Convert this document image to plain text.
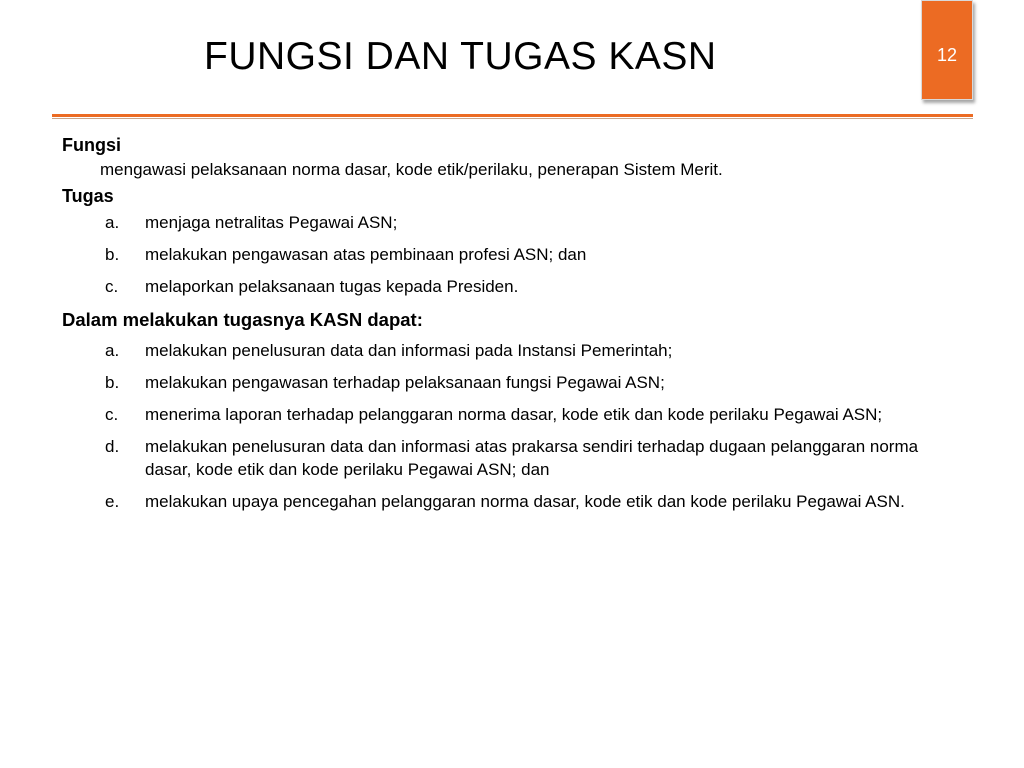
FUNGSI DAN TUGAS KASN	12

Fungsi

mengawasi pelaksanaan norma dasar, kode etik/perilaku, penerapan Sistem Merit.

Tugas

a. menjaga netralitas Pegawai ASN;
b. melakukan pengawasan atas pembinaan profesi ASN; dan
c. melaporkan pelaksanaan tugas kepada Presiden.

Dalam melakukan tugasnya KASN dapat:

a. melakukan penelusuran data dan informasi pada Instansi Pemerintah;
b. melakukan pengawasan terhadap pelaksanaan fungsi Pegawai ASN;
c. menerima laporan terhadap pelanggaran norma dasar, kode etik dan kode perilaku Pegawai ASN;
d. melakukan penelusuran data dan informasi atas prakarsa sendiri terhadap dugaan pelanggaran norma dasar, kode etik dan kode perilaku Pegawai ASN; dan
e. melakukan upaya pencegahan pelanggaran norma dasar, kode etik dan kode perilaku Pegawai ASN.
